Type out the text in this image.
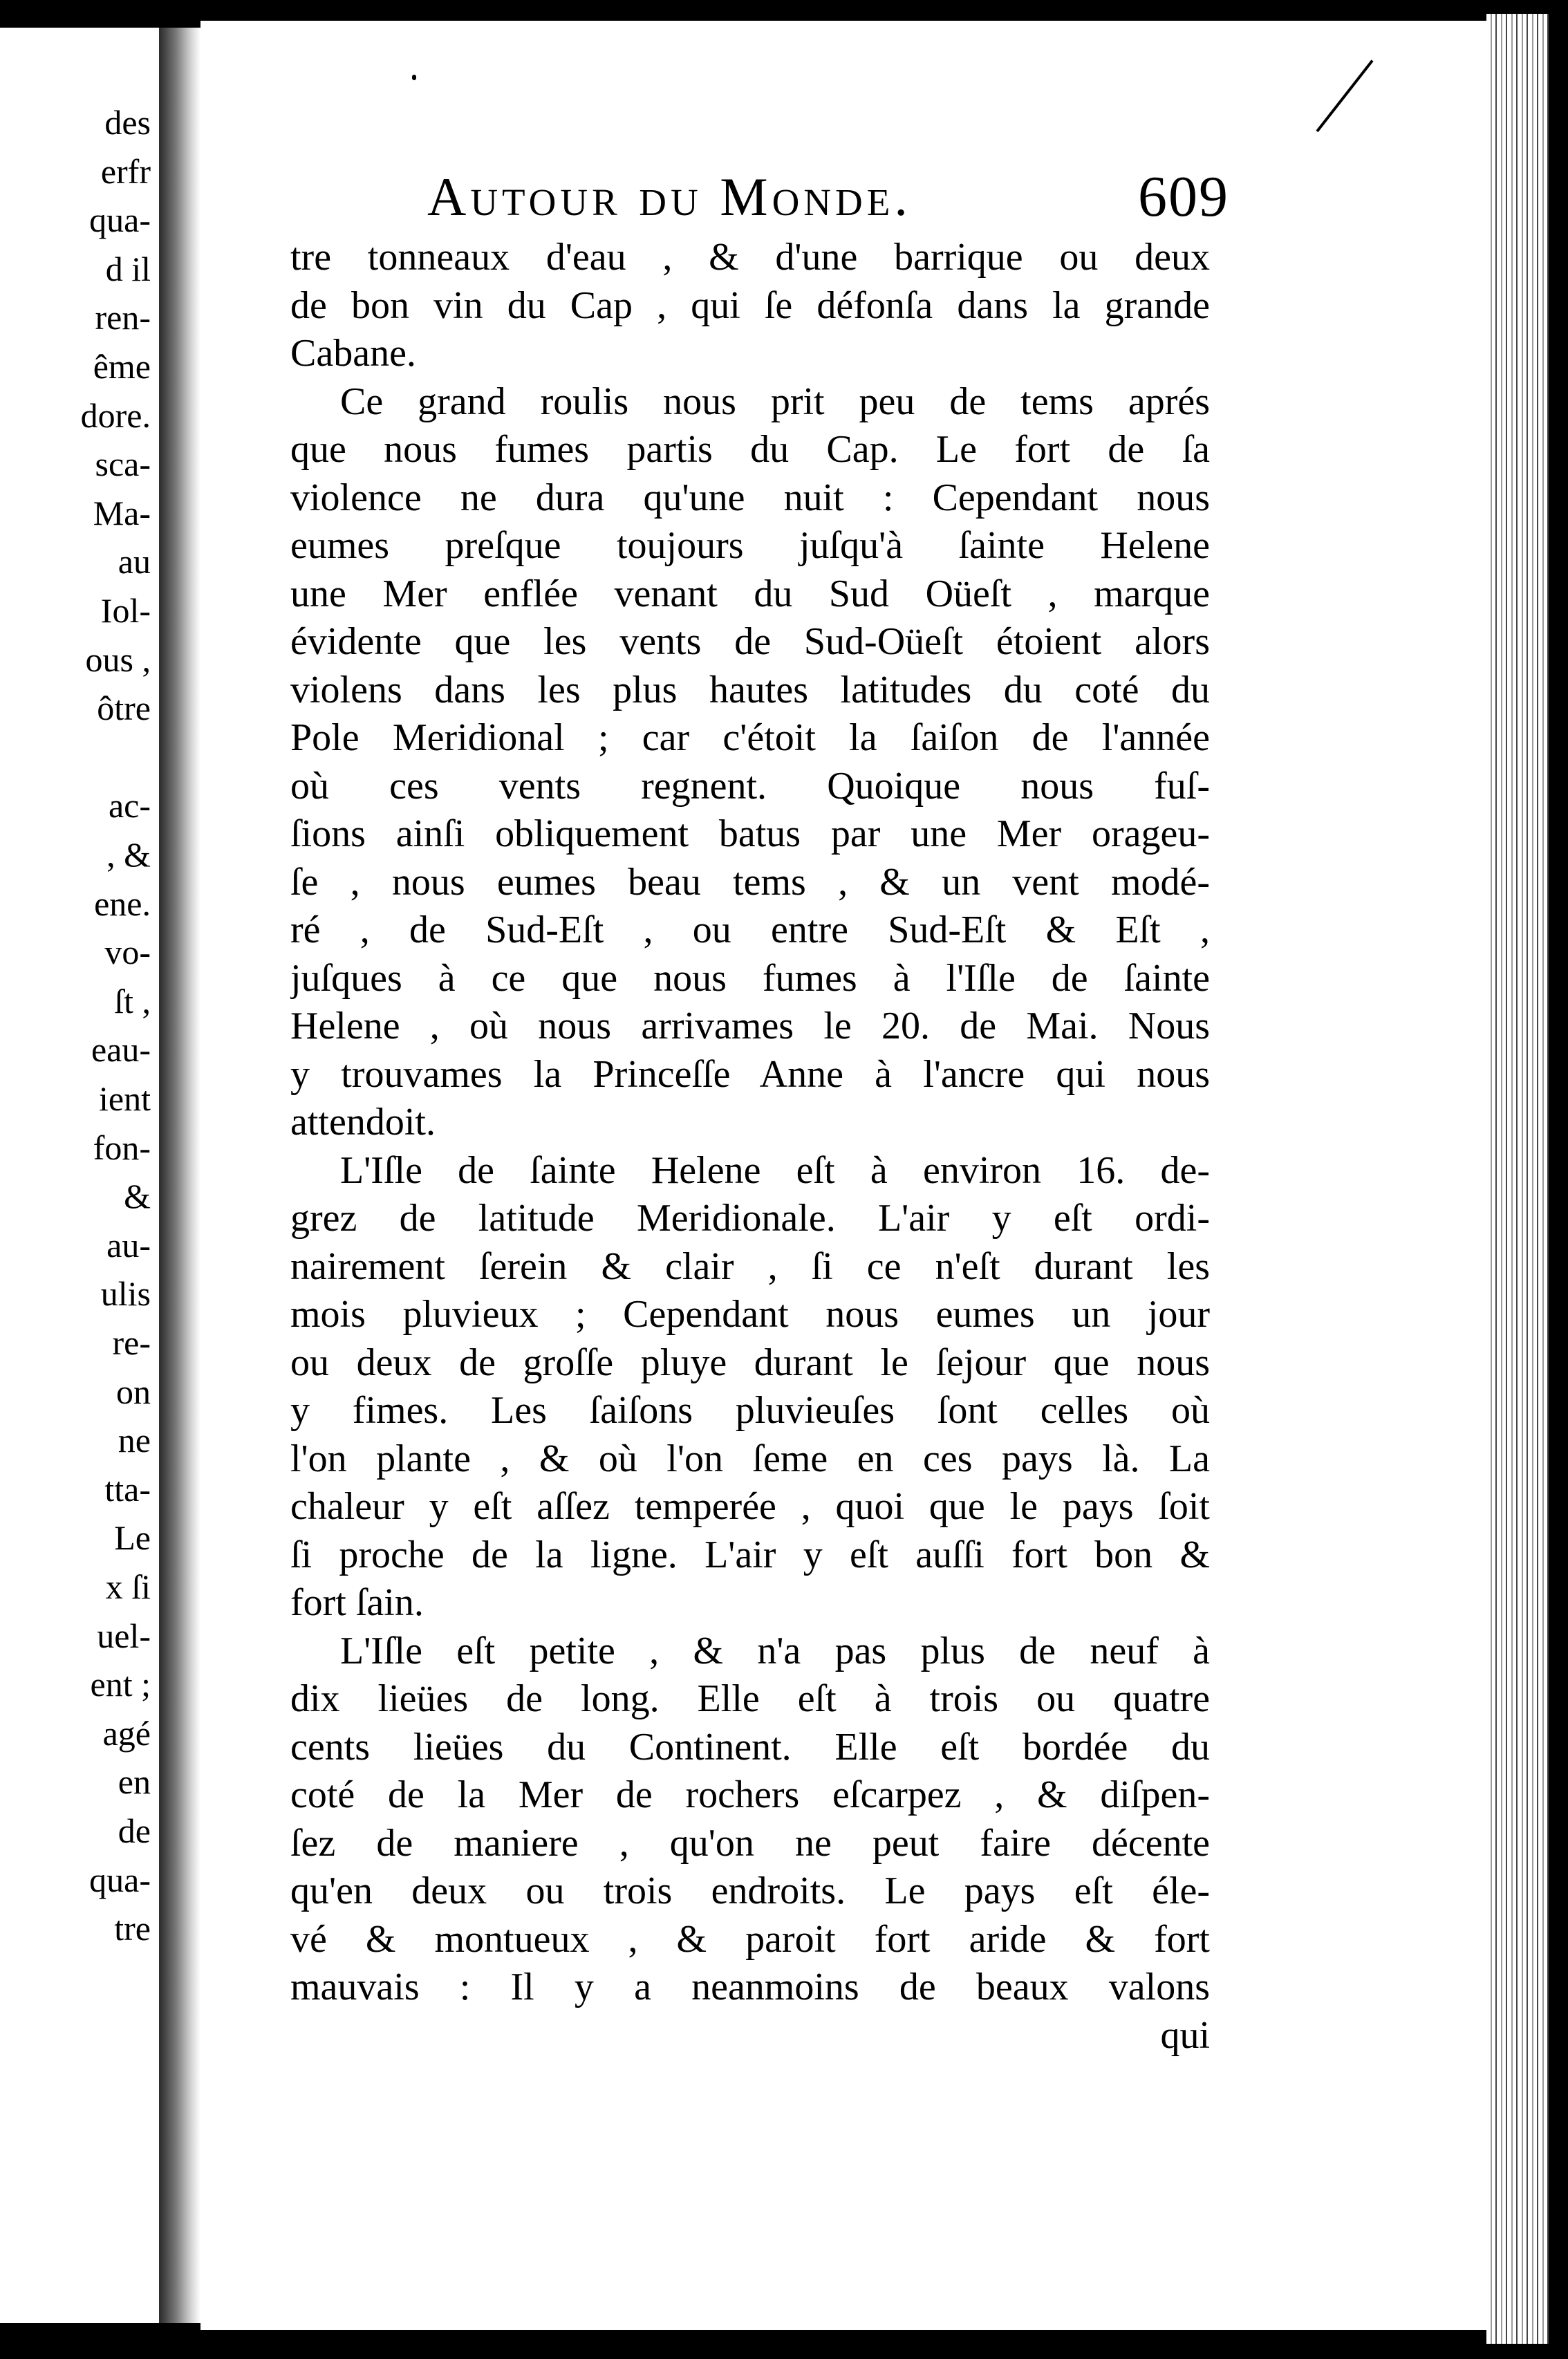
des
erfr
qua-
d il
ren-
ême
dore.
sca-
Ma-
au
Iol-
ous ,
ôtre
ac-
, &
ene.
vo-
ſt ,
eau-
ient
fon-
&
au-
ulis
re-
on
ne
tta-
Le
x ſi
uel-
ent ;
agé
en
de
qua-
tre
Autour du Monde.	609
tre tonneaux d'eau , & d'une barrique ou deux
de bon vin du Cap , qui ſe défonſa dans la grande
Cabane.
Ce grand roulis nous prit peu de tems aprés
que nous fumes partis du Cap. Le fort de ſa
violence ne dura qu'une nuit : Cependant nous
eumes preſque toujours juſqu'à ſainte Helene
une Mer enflée venant du Sud Oüeſt , marque
évidente que les vents de Sud-Oüeſt étoient alors
violens dans les plus hautes latitudes du coté du
Pole Meridional ; car c'étoit la ſaiſon de l'année
où ces vents regnent. Quoique nous fuſ-
ſions ainſi obliquement batus par une Mer orageu-
ſe , nous eumes beau tems , & un vent modé-
ré , de Sud-Eſt , ou entre Sud-Eſt & Eſt ,
juſques à ce que nous fumes à l'Iſle de ſainte
Helene , où nous arrivames le 20. de Mai. Nous
y trouvames la Princeſſe Anne à l'ancre qui nous
attendoit.
L'Iſle de ſainte Helene eſt à environ 16. de-
grez de latitude Meridionale. L'air y eſt ordi-
nairement ſerein & clair , ſi ce n'eſt durant les
mois pluvieux ; Cependant nous eumes un jour
ou deux de groſſe pluye durant le ſejour que nous
y fimes. Les ſaiſons pluvieuſes ſont celles où
l'on plante , & où l'on ſeme en ces pays là. La
chaleur y eſt aſſez temperée , quoi que le pays ſoit
ſi proche de la ligne. L'air y eſt auſſi fort bon &
fort ſain.
L'Iſle eſt petite , & n'a pas plus de neuf à
dix lieües de long. Elle eſt à trois ou quatre
cents lieües du Continent. Elle eſt bordée du
coté de la Mer de rochers eſcarpez , & diſpen-
ſez de maniere , qu'on ne peut faire décente
qu'en deux ou trois endroits. Le pays eſt éle-
vé & montueux , & paroit fort aride & fort
mauvais : Il y a neanmoins de beaux valons
qui
